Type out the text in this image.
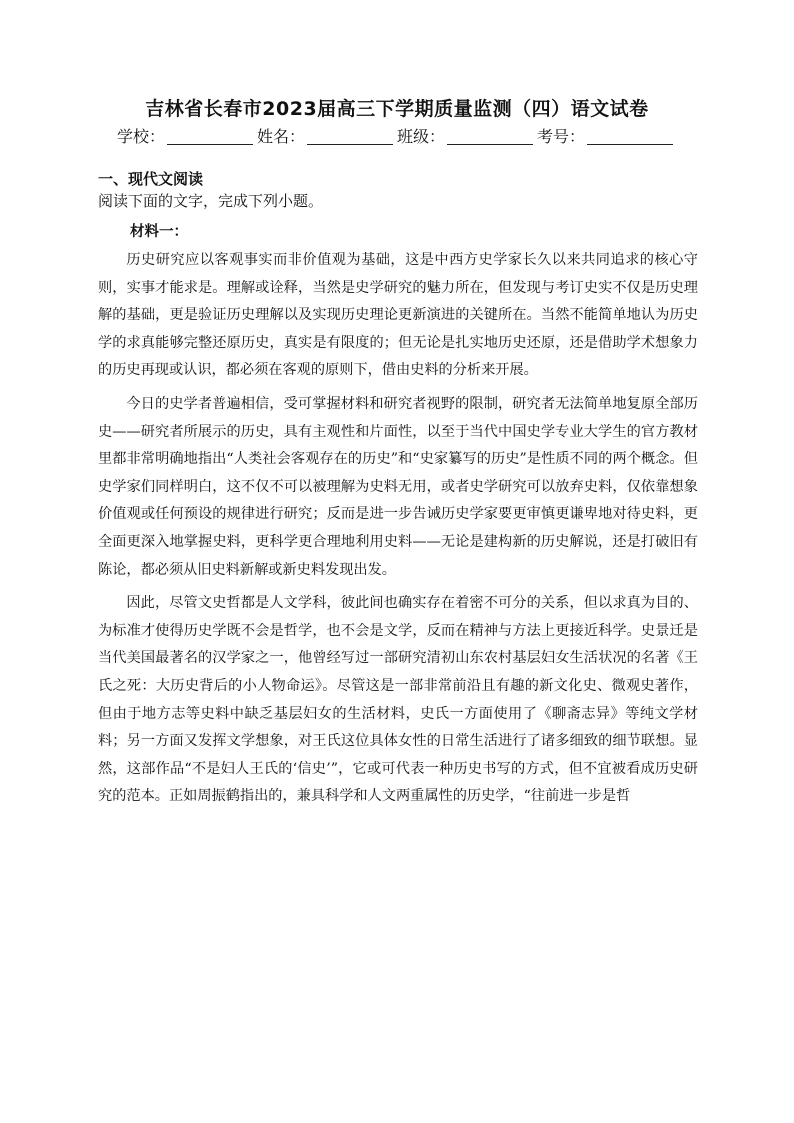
吉林省长春市2023届高三下学期质量监测（四）语文试卷
学校：	姓名：	班级：	考号：
一、现代文阅读
阅读下面的文字，完成下列小题。
材料一：

历史研究应以客观事实而非价值观为基础，这是中西方史学家长久以来共同追求的核心守则，实事才能求是。理解或诠释，当然是史学研究的魅力所在，但发现与考订史实不仅是历史理解的基础，更是验证历史理解以及实现历史理论更新演进的关键所在。当然不能简单地认为历史学的求真能够完整还原历史，真实是有限度的；但无论是扎实地历史还原，还是借助学术想象力的历史再现或认识，都必须在客观的原则下，借由史料的分析来开展。

今日的史学者普遍相信，受可掌握材料和研究者视野的限制，研究者无法简单地复原全部历史——研究者所展示的历史，具有主观性和片面性，以至于当代中国史学专业大学生的官方教材里都非常明确地指出“人类社会客观存在的历史”和“史家纂写的历史”是性质不同的两个概念。但史学家们同样明白，这不仅不可以被理解为史料无用，或者史学研究可以放弃史料，仅依靠想象价值观或任何预设的规律进行研究；反而是进一步告诫历史学家要更审慎更谦卑地对待史料，更全面更深入地掌握史料，更科学更合理地利用史料——无论是建构新的历史解说，还是打破旧有陈论，都必须从旧史料新解或新史料发现出发。

因此，尽管文史哲都是人文学科，彼此间也确实存在着密不可分的关系，但以求真为目的、为标准才使得历史学既不会是哲学，也不会是文学，反而在精神与方法上更接近科学。史景迁是当代美国最著名的汉学家之一，他曾经写过一部研究清初山东农村基层妇女生活状况的名著《王氏之死：大历史背后的小人物命运》。尽管这是一部非常前沿且有趣的新文化史、微观史著作，但由于地方志等史料中缺乏基层妇女的生活材料，史氏一方面使用了《聊斋志异》等纯文学材料；另一方面又发挥文学想象，对王氏这位具体女性的日常生活进行了诸多细致的细节联想。显然，这部作品“不是妇人王氏的‘信史’”，它或可代表一种历史书写的方式，但不宜被看成历史研究的范本。正如周振鹤指出的，兼具科学和人文两重属性的历史学，“往前进一步是哲
